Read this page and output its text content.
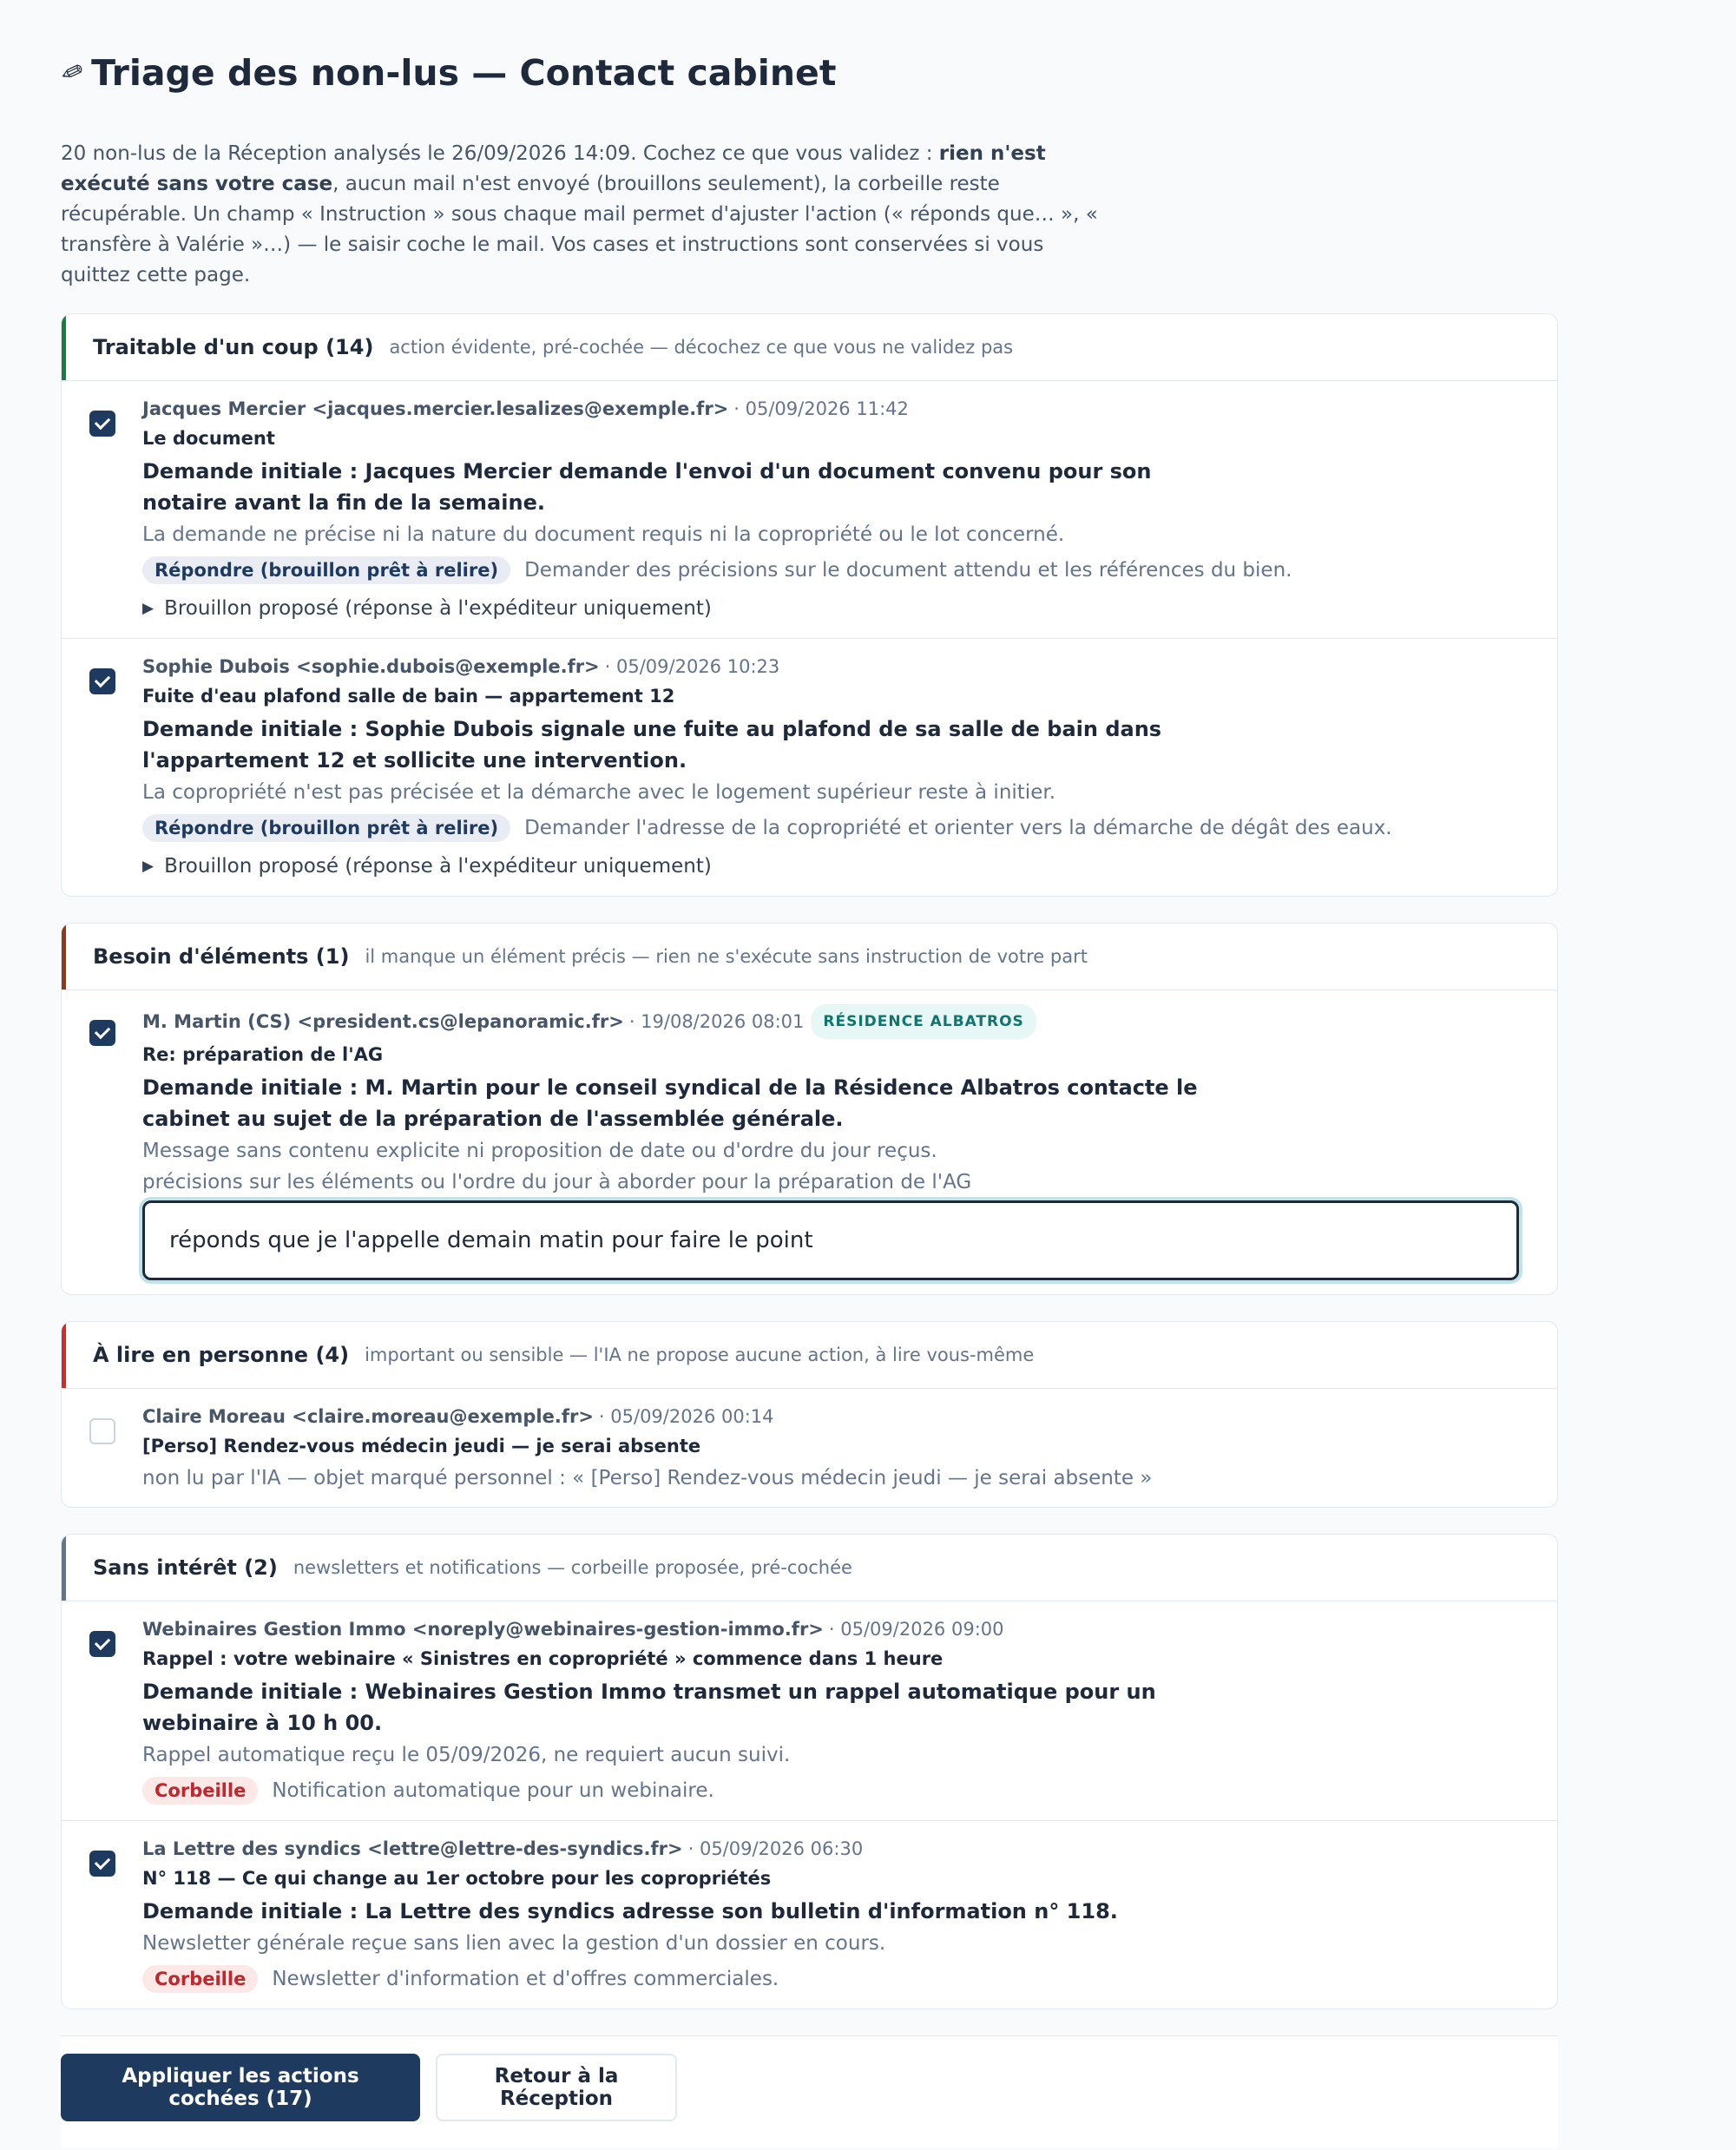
✎ Triage des non-lus — Contact cabinet
20 non-lus de la Réception analysés le 26/09/2026 14:09. Cochez ce que vous validez : rien n'est exécuté sans votre case, aucun mail n'est envoyé (brouillons seulement), la corbeille reste récupérable. Un champ « Instruction » sous chaque mail permet d'ajuster l'action (« réponds que… », « transfère à Valérie »…) — le saisir coche le mail. Vos cases et instructions sont conservées si vous quittez cette page.
Traitable d'un coup (14) action évidente, pré-cochée — décochez ce que vous ne validez pas
Jacques Mercier <jacques.mercier.lesalizes@exemple.fr> · 05/09/2026 11:42
Le document
Demande initiale : Jacques Mercier demande l'envoi d'un document convenu pour son notaire avant la fin de la semaine.
La demande ne précise ni la nature du document requis ni la copropriété ou le lot concerné.
Répondre (brouillon prêt à relire)	Demander des précisions sur le document attendu et les références du bien.
▶ Brouillon proposé (réponse à l'expéditeur uniquement)
Sophie Dubois <sophie.dubois@exemple.fr> · 05/09/2026 10:23
Fuite d'eau plafond salle de bain — appartement 12
Demande initiale : Sophie Dubois signale une fuite au plafond de sa salle de bain dans l'appartement 12 et sollicite une intervention.
La copropriété n'est pas précisée et la démarche avec le logement supérieur reste à initier.
Répondre (brouillon prêt à relire)	Demander l'adresse de la copropriété et orienter vers la démarche de dégât des eaux.
▶ Brouillon proposé (réponse à l'expéditeur uniquement)
Besoin d'éléments (1) il manque un élément précis — rien ne s'exécute sans instruction de votre part
M. Martin (CS) <president.cs@lepanoramic.fr> · 19/08/2026 08:01	RÉSIDENCE ALBATROS
Re: préparation de l'AG
Demande initiale : M. Martin pour le conseil syndical de la Résidence Albatros contacte le cabinet au sujet de la préparation de l'assemblée générale.
Message sans contenu explicite ni proposition de date ou d'ordre du jour reçus.
précisions sur les éléments ou l'ordre du jour à aborder pour la préparation de l'AG
réponds que je l'appelle demain matin pour faire le point
À lire en personne (4) important ou sensible — l'IA ne propose aucune action, à lire vous-même
Claire Moreau <claire.moreau@exemple.fr> · 05/09/2026 00:14
[Perso] Rendez-vous médecin jeudi — je serai absente
non lu par l'IA — objet marqué personnel : « [Perso] Rendez-vous médecin jeudi — je serai absente »
Sans intérêt (2) newsletters et notifications — corbeille proposée, pré-cochée
Webinaires Gestion Immo <noreply@webinaires-gestion-immo.fr> · 05/09/2026 09:00
Rappel : votre webinaire « Sinistres en copropriété » commence dans 1 heure
Demande initiale : Webinaires Gestion Immo transmet un rappel automatique pour un webinaire à 10 h 00.
Rappel automatique reçu le 05/09/2026, ne requiert aucun suivi.
Corbeille	Notification automatique pour un webinaire.
La Lettre des syndics <lettre@lettre-des-syndics.fr> · 05/09/2026 06:30
N° 118 — Ce qui change au 1er octobre pour les copropriétés
Demande initiale : La Lettre des syndics adresse son bulletin d'information n° 118.
Newsletter générale reçue sans lien avec la gestion d'un dossier en cours.
Corbeille	Newsletter d'information et d'offres commerciales.
Appliquer les actions cochées (17)
Retour à la Réception
